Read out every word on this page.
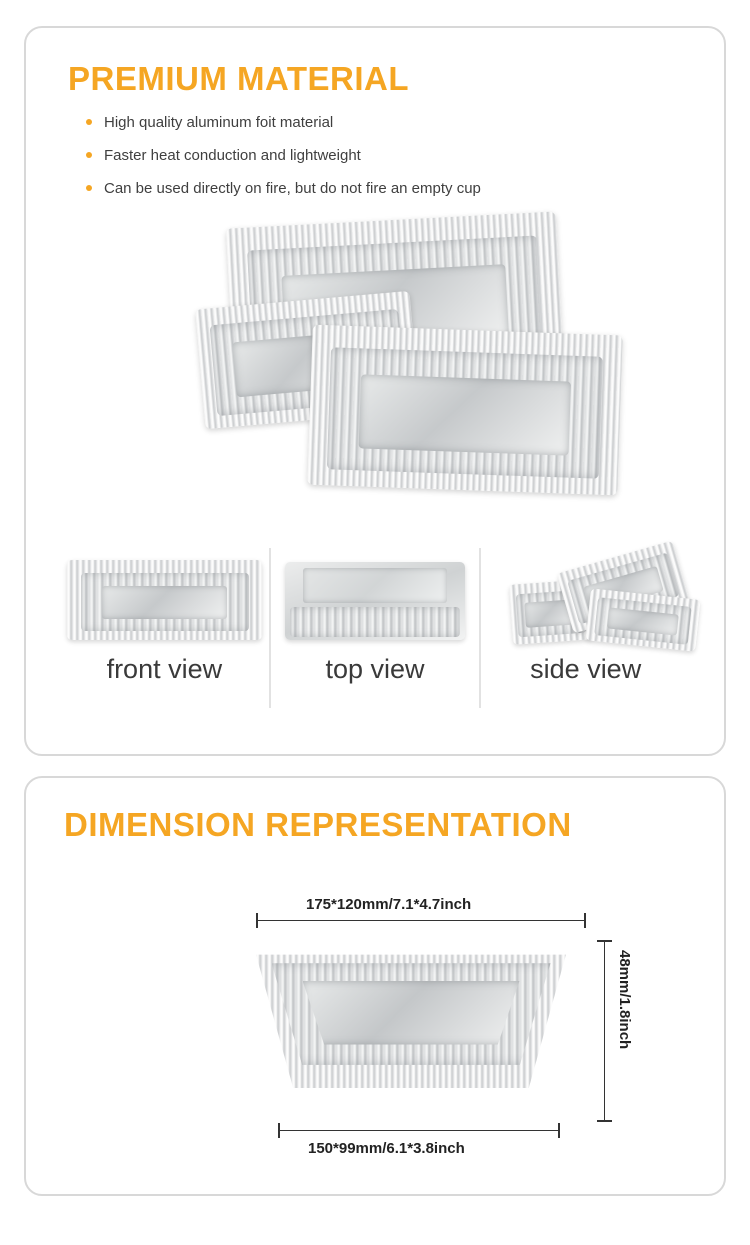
PREMIUM MATERIAL
High quality aluminum foit material
Faster heat conduction and lightweight
Can be used directly on fire, but do not fire an empty cup
front view	top view	side view
DIMENSION REPRESENTATION
175*120mm/7.1*4.7inch
48mm/1.8inch
150*99mm/6.1*3.8inch
